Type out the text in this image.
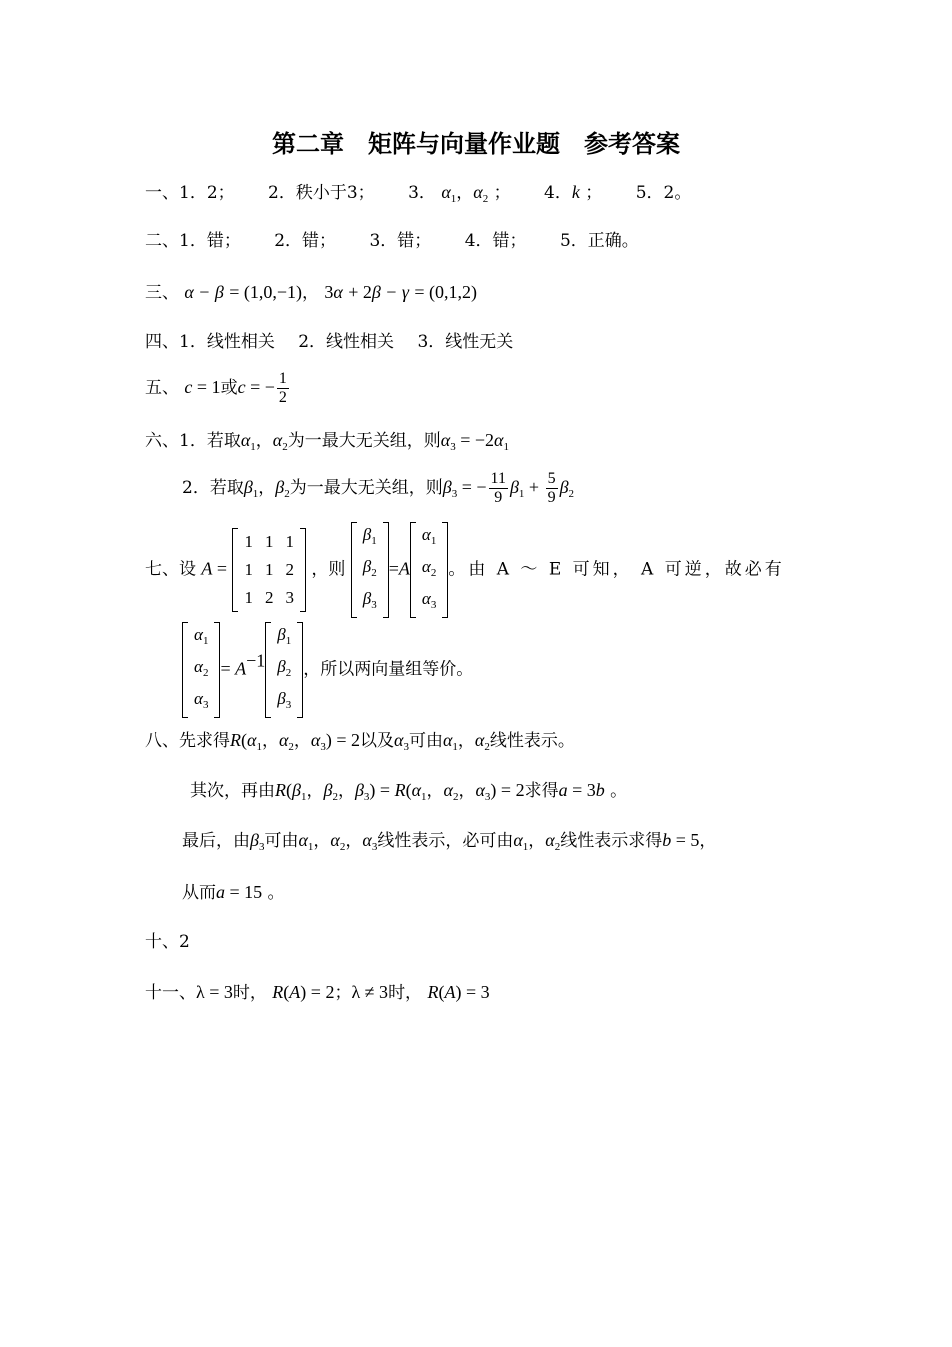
第二章　矩阵与向量作业题　参考答案
一、1．2； 2．秩小于3； 3． $\alpha_1$，$\alpha_2$ ； 4．k ； 5．2。
二、1．错； 2．错； 3．错； 4．错； 5．正确。
三、 α − β = (1,0,−1)， 3α + 2β − γ = (0,1,2)
四、1．线性相关 2．线性相关 3．线性无关
五、 c = 1或c = − $\frac{1}{2}$
六、1．若取$\alpha_1$，$\alpha_2$为一最大无关组，则$\alpha_3 = -2\alpha_1$
2．若取$\beta_1$，$\beta_2$为一最大无关组，则$\beta_3$ = − $\frac{11}{9} \beta_1 + \frac{5}{9} \beta_2$
七、设 A =
1	1	1
1	1	2
1	2	3
，则
$\beta_1$
$\beta_2$
$\beta_3$
=A
$\alpha_1$
$\alpha_2$
$\alpha_3$
。由 A ～ E 可知， A 可逆，故必有
$\alpha_1$
$\alpha_2$
$\alpha_3$
= $A^{-1}$
$\beta_1$
$\beta_2$
$\beta_3$
，所以两向量组等价。
八、先求得$R(\alpha_1$，$\alpha_2$，$\alpha_3) = 2$以及$\alpha_3$可由$\alpha_1$，$\alpha_2$线性表示。
其次，再由$R(\beta_1$，$\beta_2$，$\beta_3) = R(\alpha_1$，$\alpha_2$，$\alpha_3) = 2$求得a = 3b 。
最后，由$\beta_3$可由$\alpha_1$，$\alpha_2$，$\alpha_3$线性表示，必可由$\alpha_1$，$\alpha_2$线性表示求得b = 5，
从而a = 15 。
十、2
十一、λ = 3时， R(A) = 2；λ ≠ 3时， R(A) = 3
